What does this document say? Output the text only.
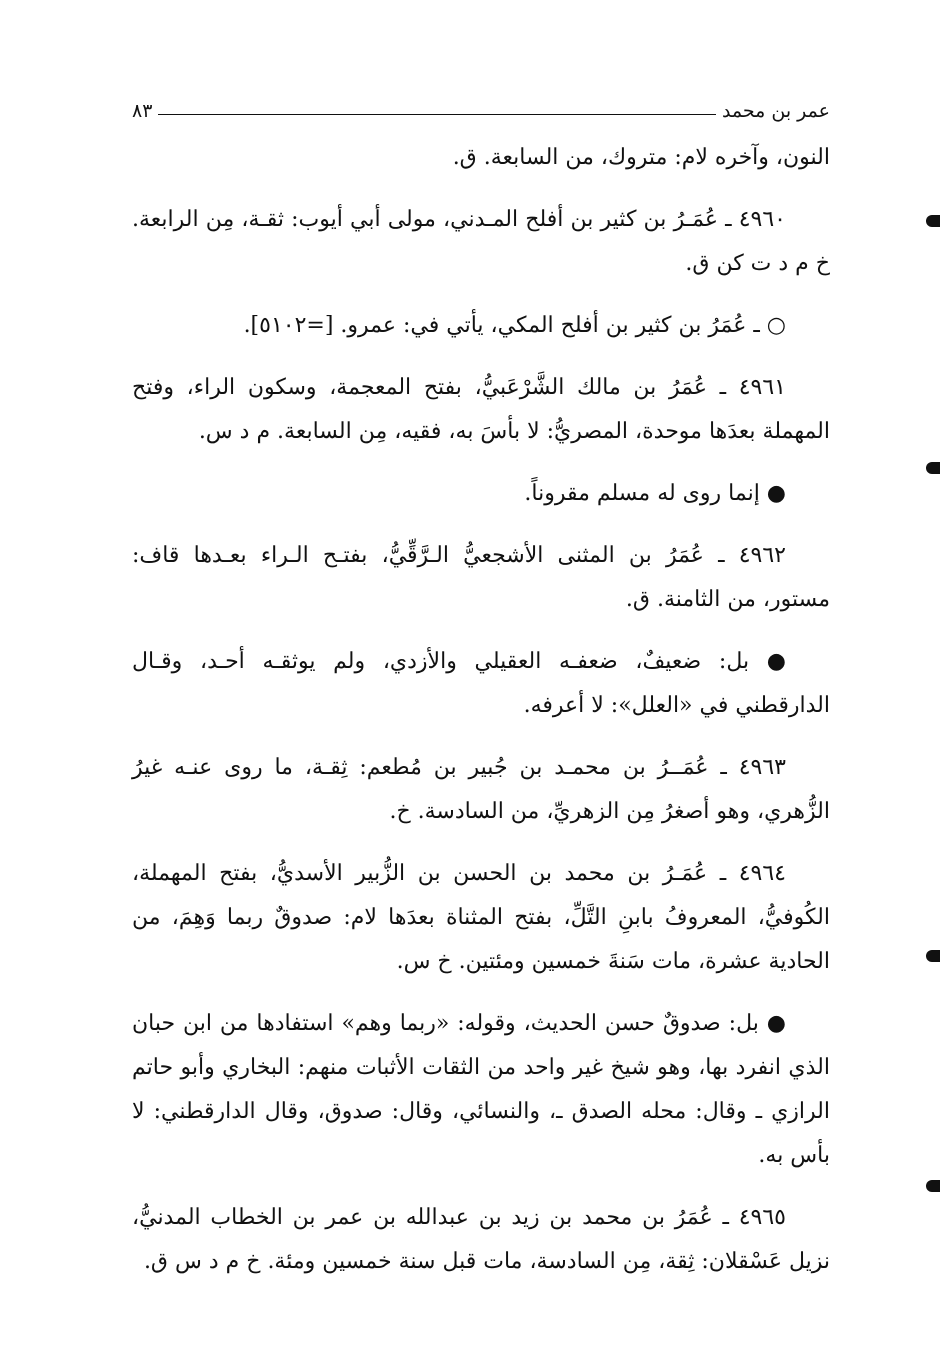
عمر بن محمد
٨٣

النون، وآخره لام: متروك، من السابعة. ق.

٤٩٦٠ ـ عُمَـرُ بن كثير بن أفلح المـدني، مولى أبي أيوب: ثقـة، مِن الرابعة. خ م د ت كن ق.

○ ـ عُمَرُ بن كثير بن أفلح المكي، يأتي في: عمرو. [=٥١٠٢].

٤٩٦١ ـ عُمَرُ بن مالك الشَّرْعَبيُّ، بفتح المعجمة، وسكون الراء، وفتح المهملة بعدَها موحدة، المصريُّ: لا بأسَ به، فقيه، مِن السابعة. م د س.

● إنما روى له مسلم مقروناً.

٤٩٦٢ ـ عُمَرُ بن المثنى الأشجعيُّ الـرَّقِّيُّ، بفتـح الـراء بعـدها قاف: مستور، من الثامنة. ق.

● بل: ضعيفٌ، ضعفـه العقيلي والأزدي، ولم يوثقـه أحـد، وقـال الدارقطني في «العلل»: لا أعرفه.

٤٩٦٣ ـ عُمَــرُ بن محمـد بن جُبير بن مُطعم: ثِقـة، ما روى عنـه غيرُ الزُّهري، وهو أصغرُ مِن الزهريِّ، من السادسة. خ.

٤٩٦٤ ـ عُمَـرُ بن محمد بن الحسن بن الزُّبير الأسديُّ، بفتح المهملة، الكُوفيُّ، المعروفُ بابنِ التَّلِّ، بفتح المثناة بعدَها لام: صدوقٌ ربما وَهِمَ، من الحادية عشرة، مات سَنةَ خمسين ومئتين. خ س.

● بل: صدوقٌ حسن الحديث، وقوله: «ربما وهم» استفادها من ابن حبان الذي انفرد بها، وهو شيخ غير واحد من الثقات الأثبات منهم: البخاري وأبو حاتم الرازي ـ وقال: محله الصدق ـ، والنسائي، وقال: صدوق، وقال الدارقطني: لا بأس به.

٤٩٦٥ ـ عُمَرُ بن محمد بن زيد بن عبدالله بن عمر بن الخطاب المدنيُّ، نزيل عَسْقلان: ثِقة، مِن السادسة، مات قبل سنة خمسين ومئة. خ م د س ق.
